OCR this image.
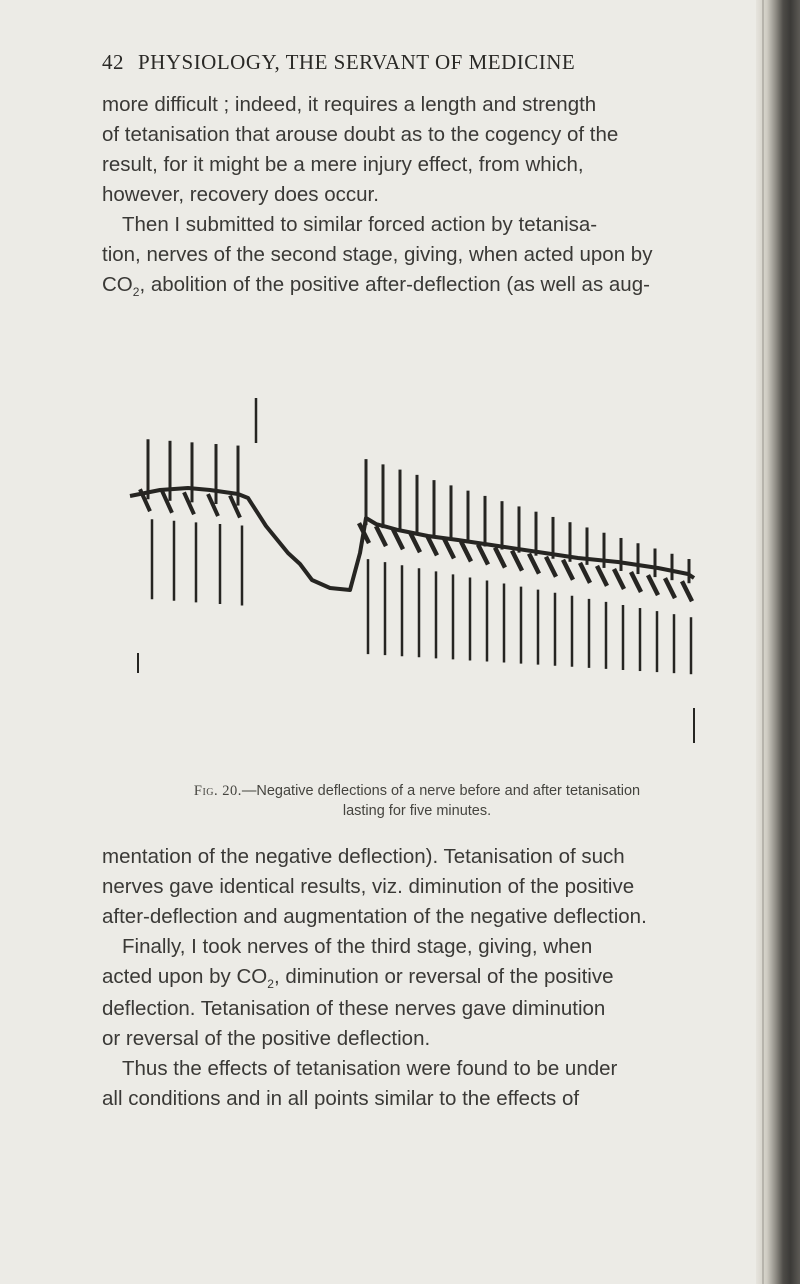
42 PHYSIOLOGY, THE SERVANT OF MEDICINE

more difficult ; indeed, it requires a length and strength
of tetanisation that arouse doubt as to the cogency of the
result, for it might be a mere injury effect, from which,
however, recovery does occur.
Then I submitted to similar forced action by tetanisa-
tion, nerves of the second stage, giving, when acted upon by
$CO_2$, abolition of the positive after-deflection (as well as aug-

Fig. 20.—Negative deflections of a nerve before and after tetanisation
lasting for five minutes.

mentation of the negative deflection). Tetanisation of such
nerves gave identical results, viz. diminution of the positive
after-deflection and augmentation of the negative deflection.
Finally, I took nerves of the third stage, giving, when
acted upon by $CO_2$, diminution or reversal of the positive
deflection. Tetanisation of these nerves gave diminution
or reversal of the positive deflection.
Thus the effects of tetanisation were found to be under
all conditions and in all points similar to the effects of
